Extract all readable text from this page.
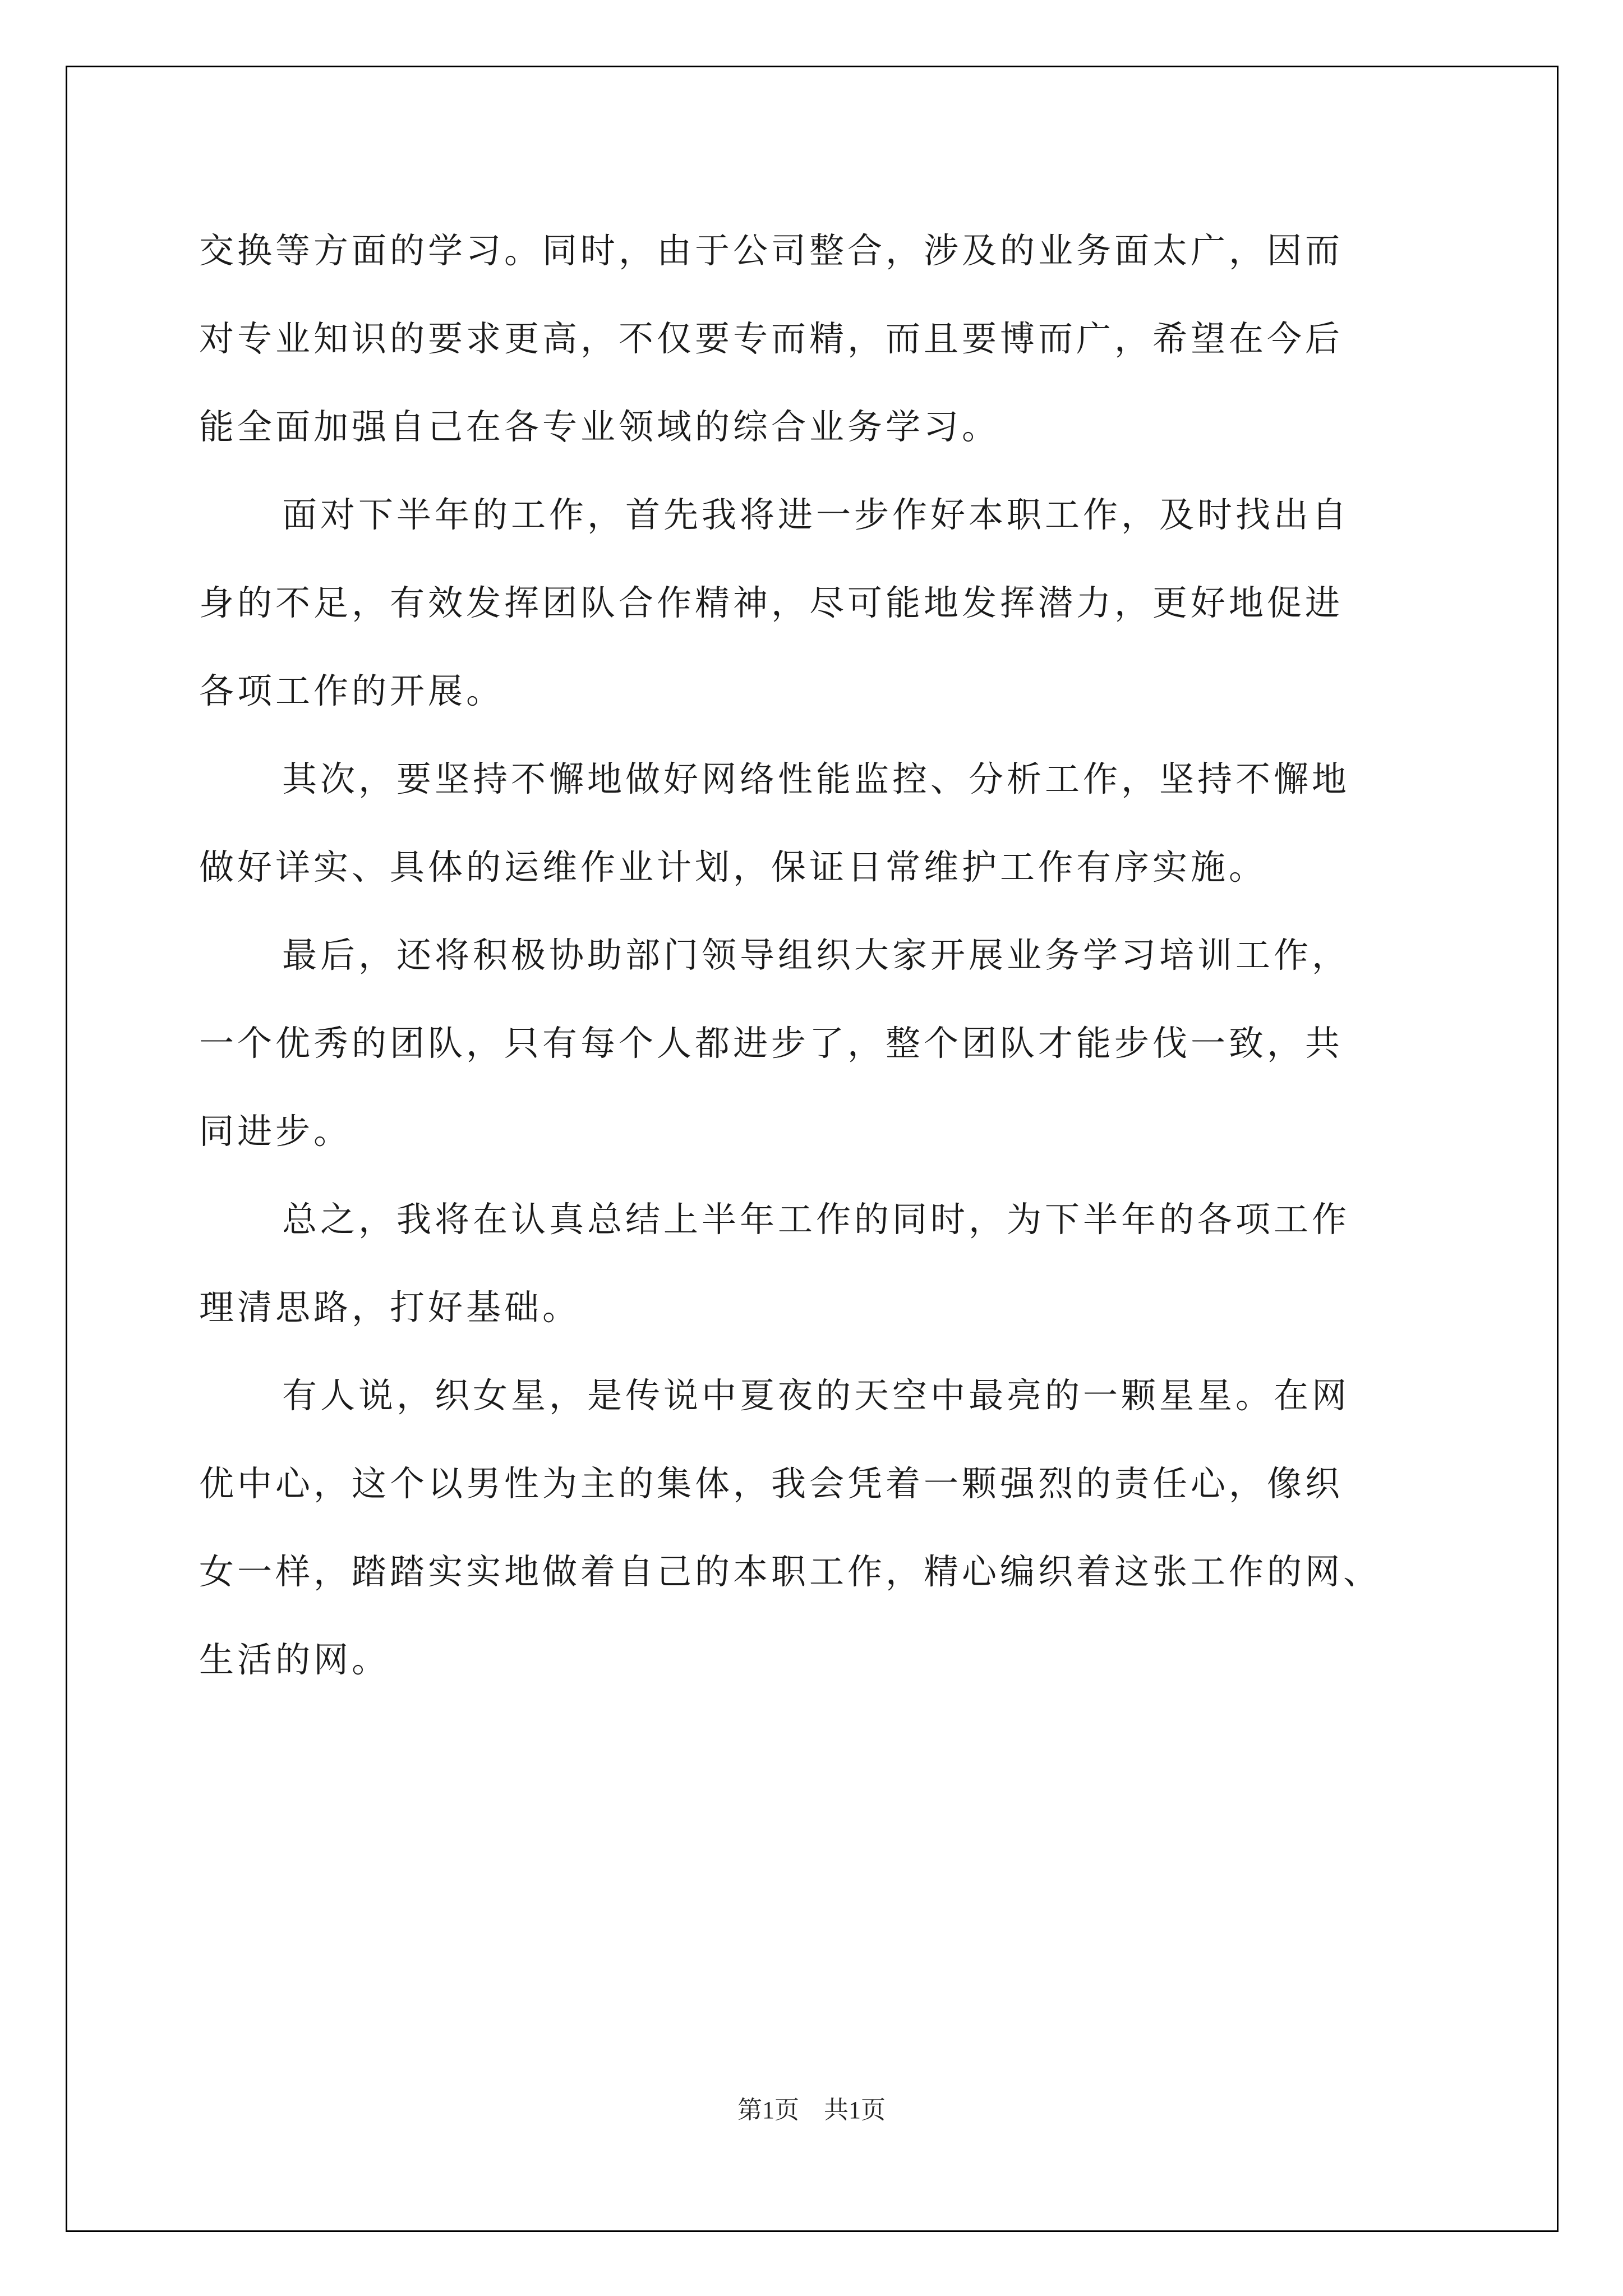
交换等方面的学习。同时，由于公司整合，涉及的业务面太广，因而

对专业知识的要求更高，不仅要专而精，而且要博而广，希望在今后

能全面加强自己在各专业领域的综合业务学习。

面对下半年的工作，首先我将进一步作好本职工作，及时找出自

身的不足，有效发挥团队合作精神，尽可能地发挥潜力，更好地促进

各项工作的开展。

其次，要坚持不懈地做好网络性能监控、分析工作，坚持不懈地

做好详实、具体的运维作业计划，保证日常维护工作有序实施。

最后，还将积极协助部门领导组织大家开展业务学习培训工作，

一个优秀的团队，只有每个人都进步了，整个团队才能步伐一致，共

同进步。

总之，我将在认真总结上半年工作的同时，为下半年的各项工作

理清思路，打好基础。

有人说，织女星，是传说中夏夜的天空中最亮的一颗星星。在网

优中心，这个以男性为主的集体，我会凭着一颗强烈的责任心，像织

女一样，踏踏实实地做着自己的本职工作，精心编织着这张工作的网、

生活的网。

第1页　共1页
